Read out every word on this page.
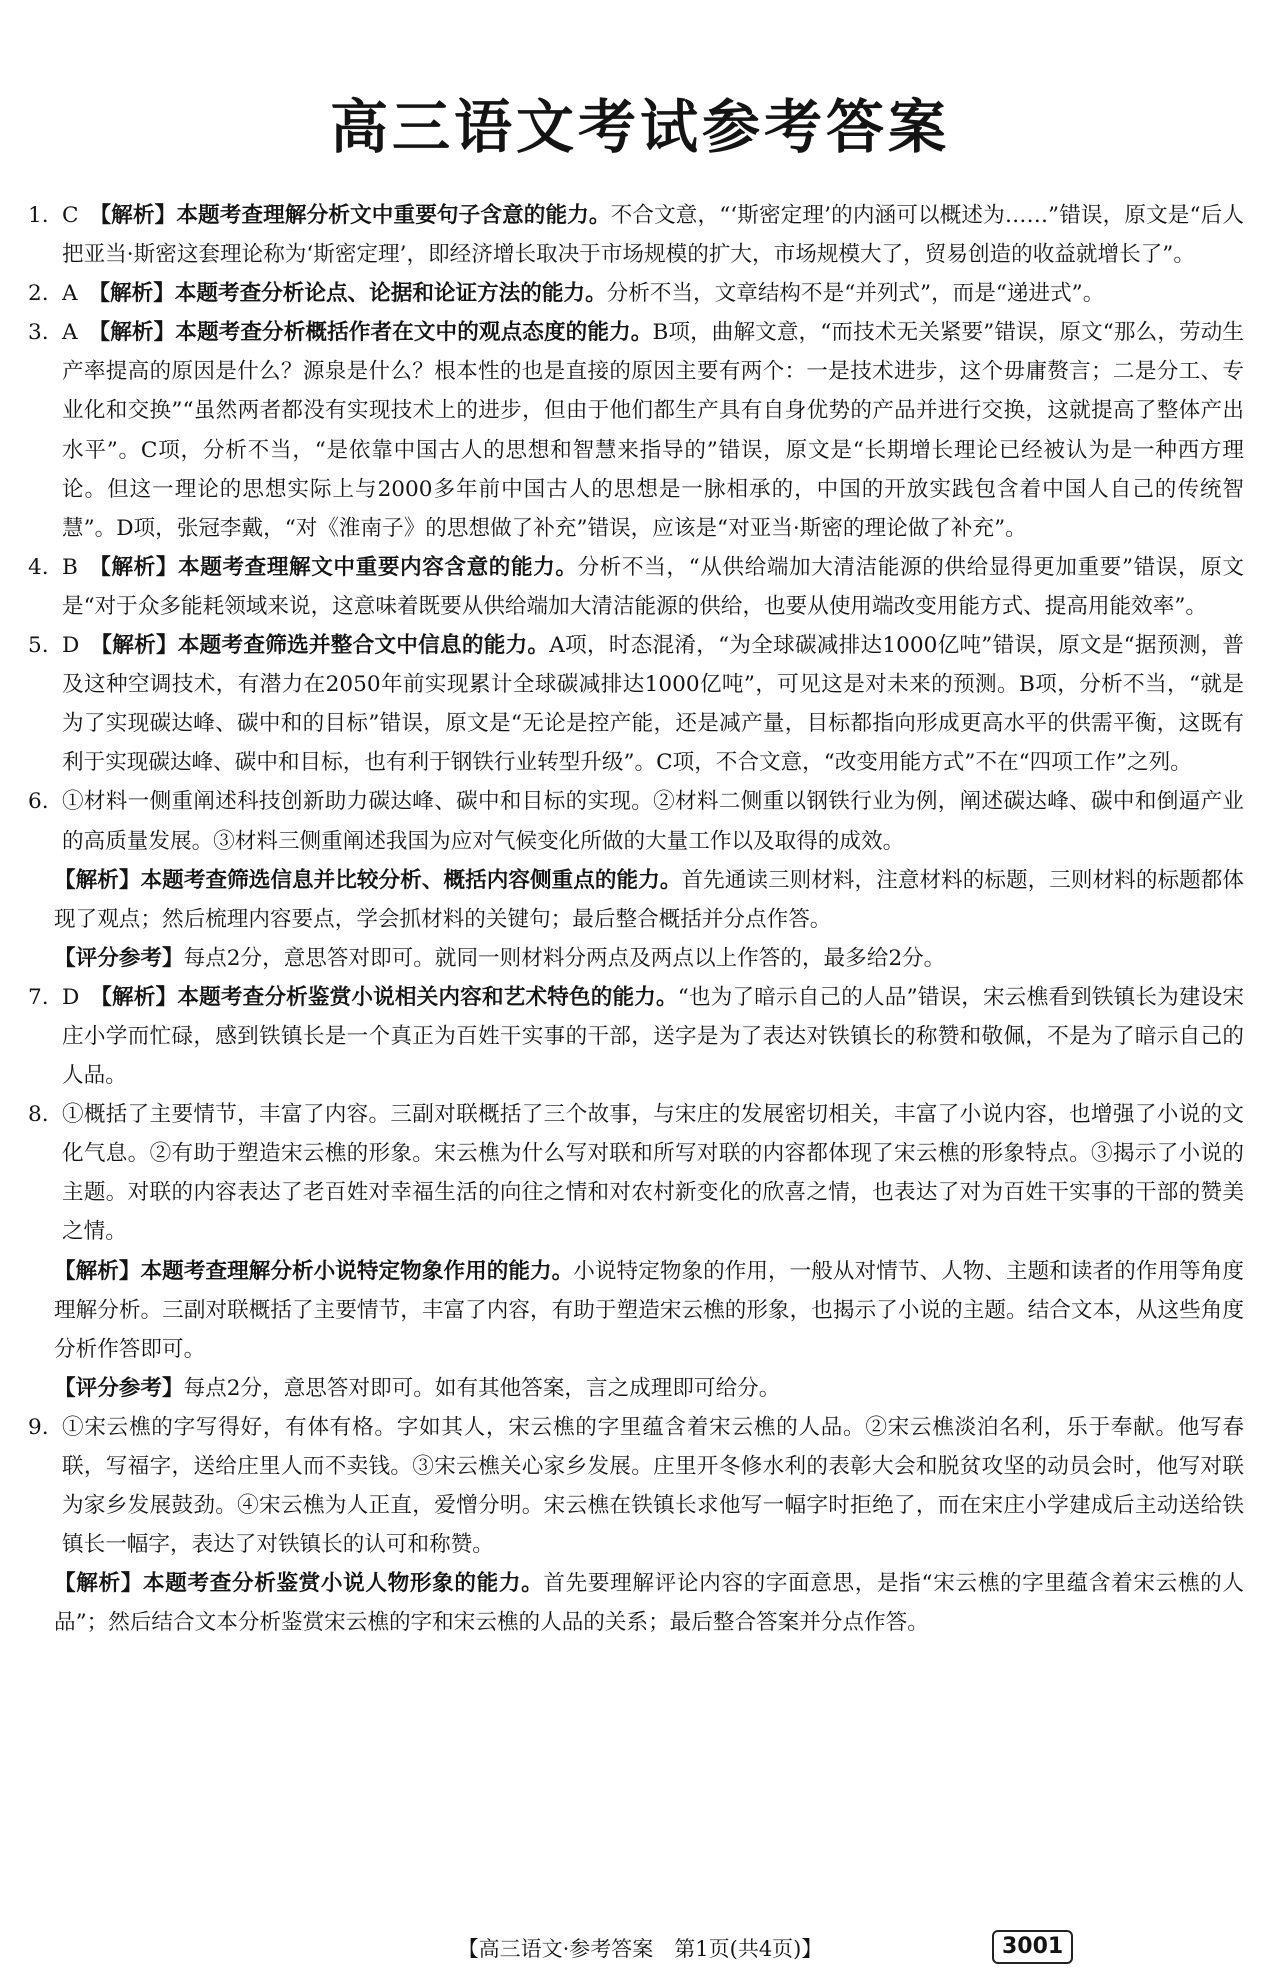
高三语文考试参考答案
1. C  【解析】本题考查理解分析文中重要句子含意的能力。不合文意，“‘斯密定理’的内涵可以概述为……”错误，原文是“后人把亚当·斯密这套理论称为‘斯密定理’，即经济增长取决于市场规模的扩大，市场规模大了，贸易创造的收益就增长了”。

2. A  【解析】本题考查分析论点、论据和论证方法的能力。分析不当，文章结构不是“并列式”，而是“递进式”。

3. A  【解析】本题考查分析概括作者在文中的观点态度的能力。B项，曲解文意，“而技术无关紧要”错误，原文“那么，劳动生产率提高的原因是什么？源泉是什么？根本性的也是直接的原因主要有两个：一是技术进步，这个毋庸赘言；二是分工、专业化和交换”“虽然两者都没有实现技术上的进步，但由于他们都生产具有自身优势的产品并进行交换，这就提高了整体产出水平”。C项，分析不当，“是依靠中国古人的思想和智慧来指导的”错误，原文是“长期增长理论已经被认为是一种西方理论。但这一理论的思想实际上与2000多年前中国古人的思想是一脉相承的，中国的开放实践包含着中国人自己的传统智慧”。D项，张冠李戴，“对《淮南子》的思想做了补充”错误，应该是“对亚当·斯密的理论做了补充”。

4. B  【解析】本题考查理解文中重要内容含意的能力。分析不当，“从供给端加大清洁能源的供给显得更加重要”错误，原文是“对于众多能耗领域来说，这意味着既要从供给端加大清洁能源的供给，也要从使用端改变用能方式、提高用能效率”。

5. D  【解析】本题考查筛选并整合文中信息的能力。A项，时态混淆，“为全球碳减排达1000亿吨”错误，原文是“据预测，普及这种空调技术，有潜力在2050年前实现累计全球碳减排达1000亿吨”，可见这是对未来的预测。B项，分析不当，“就是为了实现碳达峰、碳中和的目标”错误，原文是“无论是控产能，还是减产量，目标都指向形成更高水平的供需平衡，这既有利于实现碳达峰、碳中和目标，也有利于钢铁行业转型升级”。C项，不合文意，“改变用能方式”不在“四项工作”之列。

6. ①材料一侧重阐述科技创新助力碳达峰、碳中和目标的实现。②材料二侧重以钢铁行业为例，阐述碳达峰、碳中和倒逼产业的高质量发展。③材料三侧重阐述我国为应对气候变化所做的大量工作以及取得的成效。

【解析】本题考查筛选信息并比较分析、概括内容侧重点的能力。首先通读三则材料，注意材料的标题，三则材料的标题都体现了观点；然后梳理内容要点，学会抓材料的关键句；最后整合概括并分点作答。

【评分参考】每点2分，意思答对即可。就同一则材料分两点及两点以上作答的，最多给2分。

7. D  【解析】本题考查分析鉴赏小说相关内容和艺术特色的能力。“也为了暗示自己的人品”错误，宋云樵看到铁镇长为建设宋庄小学而忙碌，感到铁镇长是一个真正为百姓干实事的干部，送字是为了表达对铁镇长的称赞和敬佩，不是为了暗示自己的人品。

8. ①概括了主要情节，丰富了内容。三副对联概括了三个故事，与宋庄的发展密切相关，丰富了小说内容，也增强了小说的文化气息。②有助于塑造宋云樵的形象。宋云樵为什么写对联和所写对联的内容都体现了宋云樵的形象特点。③揭示了小说的主题。对联的内容表达了老百姓对幸福生活的向往之情和对农村新变化的欣喜之情，也表达了对为百姓干实事的干部的赞美之情。

【解析】本题考查理解分析小说特定物象作用的能力。小说特定物象的作用，一般从对情节、人物、主题和读者的作用等角度理解分析。三副对联概括了主要情节，丰富了内容，有助于塑造宋云樵的形象，也揭示了小说的主题。结合文本，从这些角度分析作答即可。

【评分参考】每点2分，意思答对即可。如有其他答案，言之成理即可给分。

9. ①宋云樵的字写得好，有体有格。字如其人，宋云樵的字里蕴含着宋云樵的人品。②宋云樵淡泊名利，乐于奉献。他写春联，写福字，送给庄里人而不卖钱。③宋云樵关心家乡发展。庄里开冬修水利的表彰大会和脱贫攻坚的动员会时，他写对联为家乡发展鼓劲。④宋云樵为人正直，爱憎分明。宋云樵在铁镇长求他写一幅字时拒绝了，而在宋庄小学建成后主动送给铁镇长一幅字，表达了对铁镇长的认可和称赞。

【解析】本题考查分析鉴赏小说人物形象的能力。首先要理解评论内容的字面意思，是指“宋云樵的字里蕴含着宋云樵的人品”；然后结合文本分析鉴赏宋云樵的字和宋云樵的人品的关系；最后整合答案并分点作答。

【高三语文·参考答案　第1页(共4页)】	3001
